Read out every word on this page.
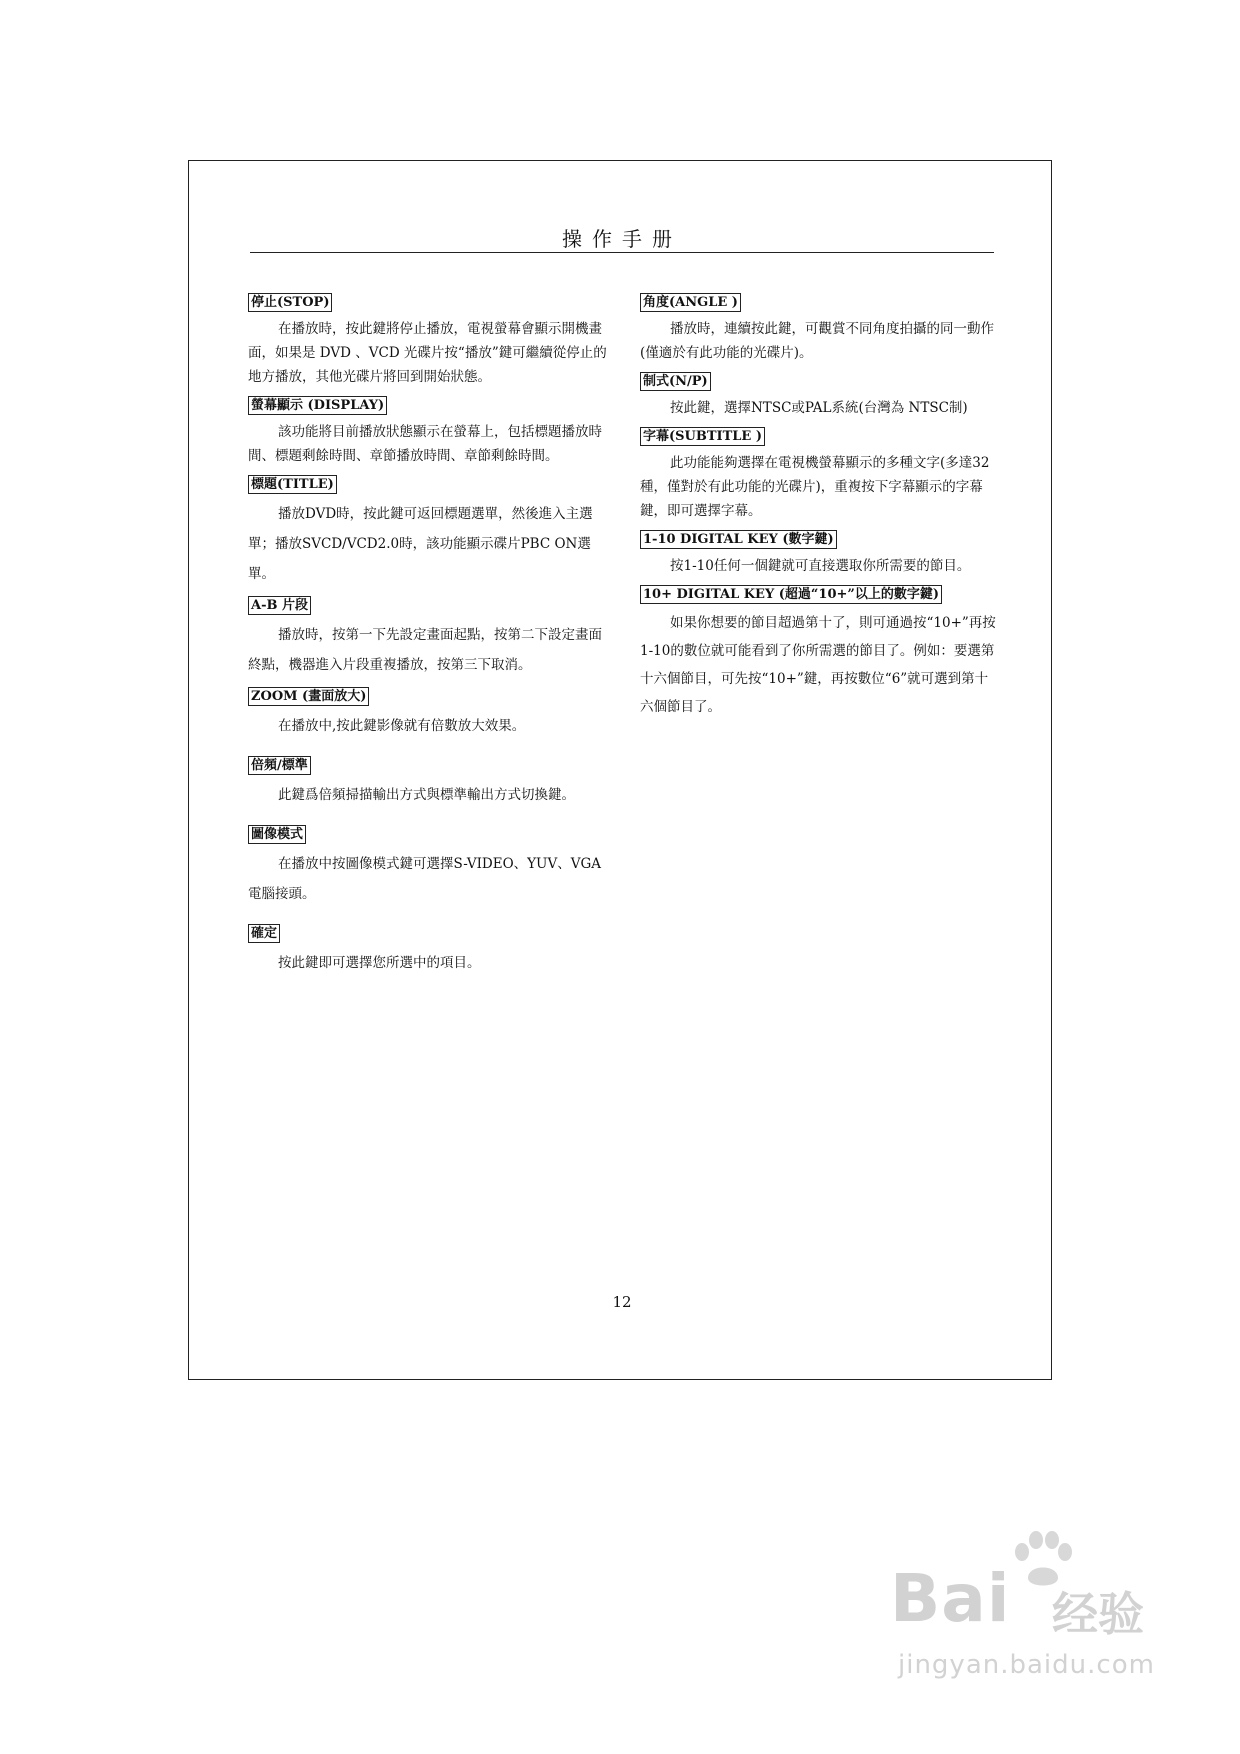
操作手册
停止(STOP)

在播放時，按此鍵將停止播放，電視螢幕會顯示開機畫面，如果是 DVD 、VCD 光碟片按“播放”鍵可繼續從停止的地方播放，其他光碟片將回到開始狀態。

螢幕顯示 (DISPLAY)

該功能將目前播放狀態顯示在螢幕上，包括標題播放時間、標題剩餘時間、章節播放時間、章節剩餘時間。

標題(TITLE)

播放DVD時，按此鍵可返回標題選單，然後進入主選單；播放SVCD/VCD2.0時，該功能顯示碟片PBC ON選單。

A-B 片段

播放時，按第一下先設定畫面起點，按第二下設定畫面終點，機器進入片段重複播放，按第三下取消。

ZOOM (畫面放大)

在播放中,按此鍵影像就有倍數放大效果。

倍頻/標準

此鍵爲倍頻掃描輸出方式與標準輸出方式切換鍵。

圖像模式

在播放中按圖像模式鍵可選擇S-VIDEO、YUV、VGA電腦接頭。

確定

按此鍵即可選擇您所選中的項目。

角度(ANGLE )

播放時，連續按此鍵，可觀賞不同角度拍攝的同一動作(僅適於有此功能的光碟片)。

制式(N/P)

按此鍵，選擇NTSC或PAL系統(台灣為 NTSC制)

字幕(SUBTITLE )

此功能能夠選擇在電視機螢幕顯示的多種文字(多達32種，僅對於有此功能的光碟片)，重複按下字幕顯示的字幕鍵，即可選擇字幕。

1-10 DIGITAL KEY (數字鍵)

按1-10任何一個鍵就可直接選取你所需要的節目。

10+ DIGITAL KEY (超過“10+”以上的數字鍵)

如果你想要的節目超過第十了，則可通過按“10+”再按1-10的數位就可能看到了你所需選的節目了。例如：要選第十六個節目，可先按“10+”鍵，再按數位“6”就可選到第十六個節目了。

12
Bai 经验
jingyan.baidu.com
